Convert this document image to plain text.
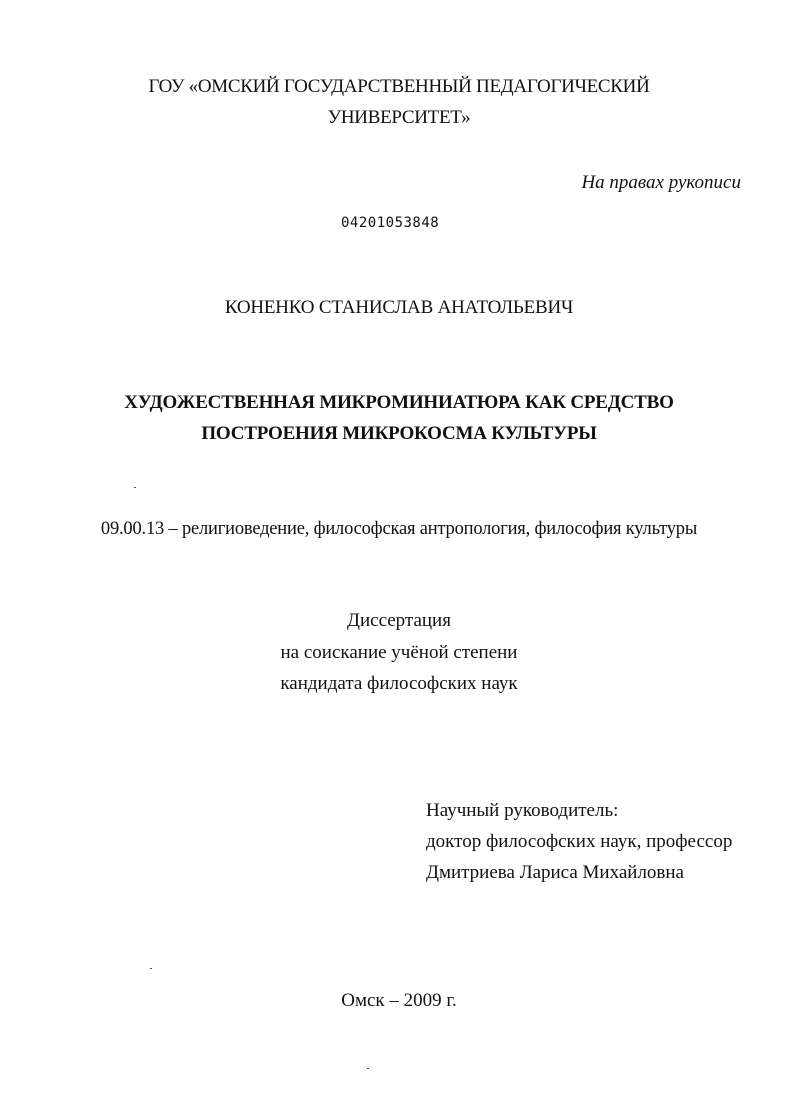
ГОУ «ОМСКИЙ ГОСУДАРСТВЕННЫЙ ПЕДАГОГИЧЕСКИЙ
УНИВЕРСИТЕТ»
На правах рукописи
04201053848
КОНЕНКО СТАНИСЛАВ АНАТОЛЬЕВИЧ
ХУДОЖЕСТВЕННАЯ МИКРОМИНИАТЮРА КАК СРЕДСТВО
ПОСТРОЕНИЯ МИКРОКОСМА КУЛЬТУРЫ
09.00.13 – религиоведение, философская антропология, философия культуры
Диссертация
на соискание учёной степени
кандидата философских наук
Научный руководитель:
доктор философских наук, профессор
Дмитриева Лариса Михайловна
Омск – 2009 г.
